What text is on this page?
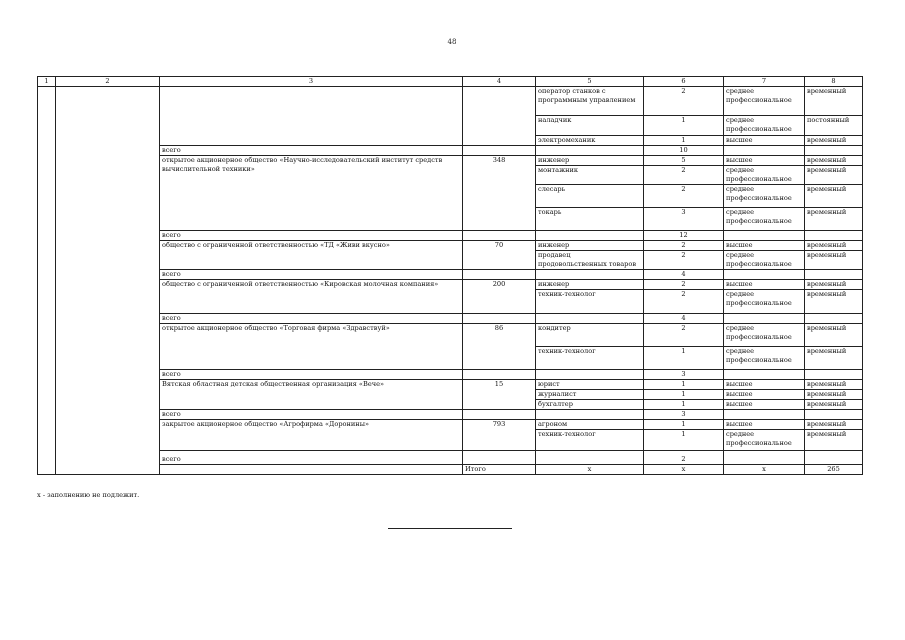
48
1	2	3	4	5	6	7	8	
				оператор станков с программным управлением	2	среднее профессиональное	временный	
				наладчик	1	среднее профессиональное	постоянный	
				электромеханик	1	высшее	временный	
		всего			10			
		открытое акционерное общество «Научно-исследовательский институт средств вычислительной техники»	348	инженер	5	высшее	временный	
				монтажник	2	среднее профессиональное	временный	
				слесарь	2	среднее профессиональное	временный	
				токарь	3	среднее профессиональное	временный	
		всего			12			
		общество с ограниченной ответственностью «ТД «Живи вкусно»	70	инженер	2	высшее	временный	
				продавец продовольственных товаров	2	среднее профессиональное	временный	
		всего			4			
		общество с ограниченной ответственностью «Кировская молочная компания»	200	инженер	2	высшее	временный	
				техник-технолог	2	среднее профессиональное	временный	
		всего			4			
		открытое акционерное общество «Торговая фирма «Здравствуй»	86	кондитер	2	среднее профессиональное	временный	
				техник-технолог	1	среднее профессиональное	временный	
		всего			3			
		Вятская областная детская общественная организация «Вече»	15	юрист	1	высшее	временный	
				журналист	1	высшее	временный	
				бухгалтер	1	высшее	временный	
		всего			3			
		закрытое акционерное общество «Агрофирма «Доронины»	793	агроном	1	высшее	временный	
				техник-технолог	1	среднее профессиональное	временный	
		всего			2			
			Итого	x	x	x	265		
х - заполнению не подлежит.
